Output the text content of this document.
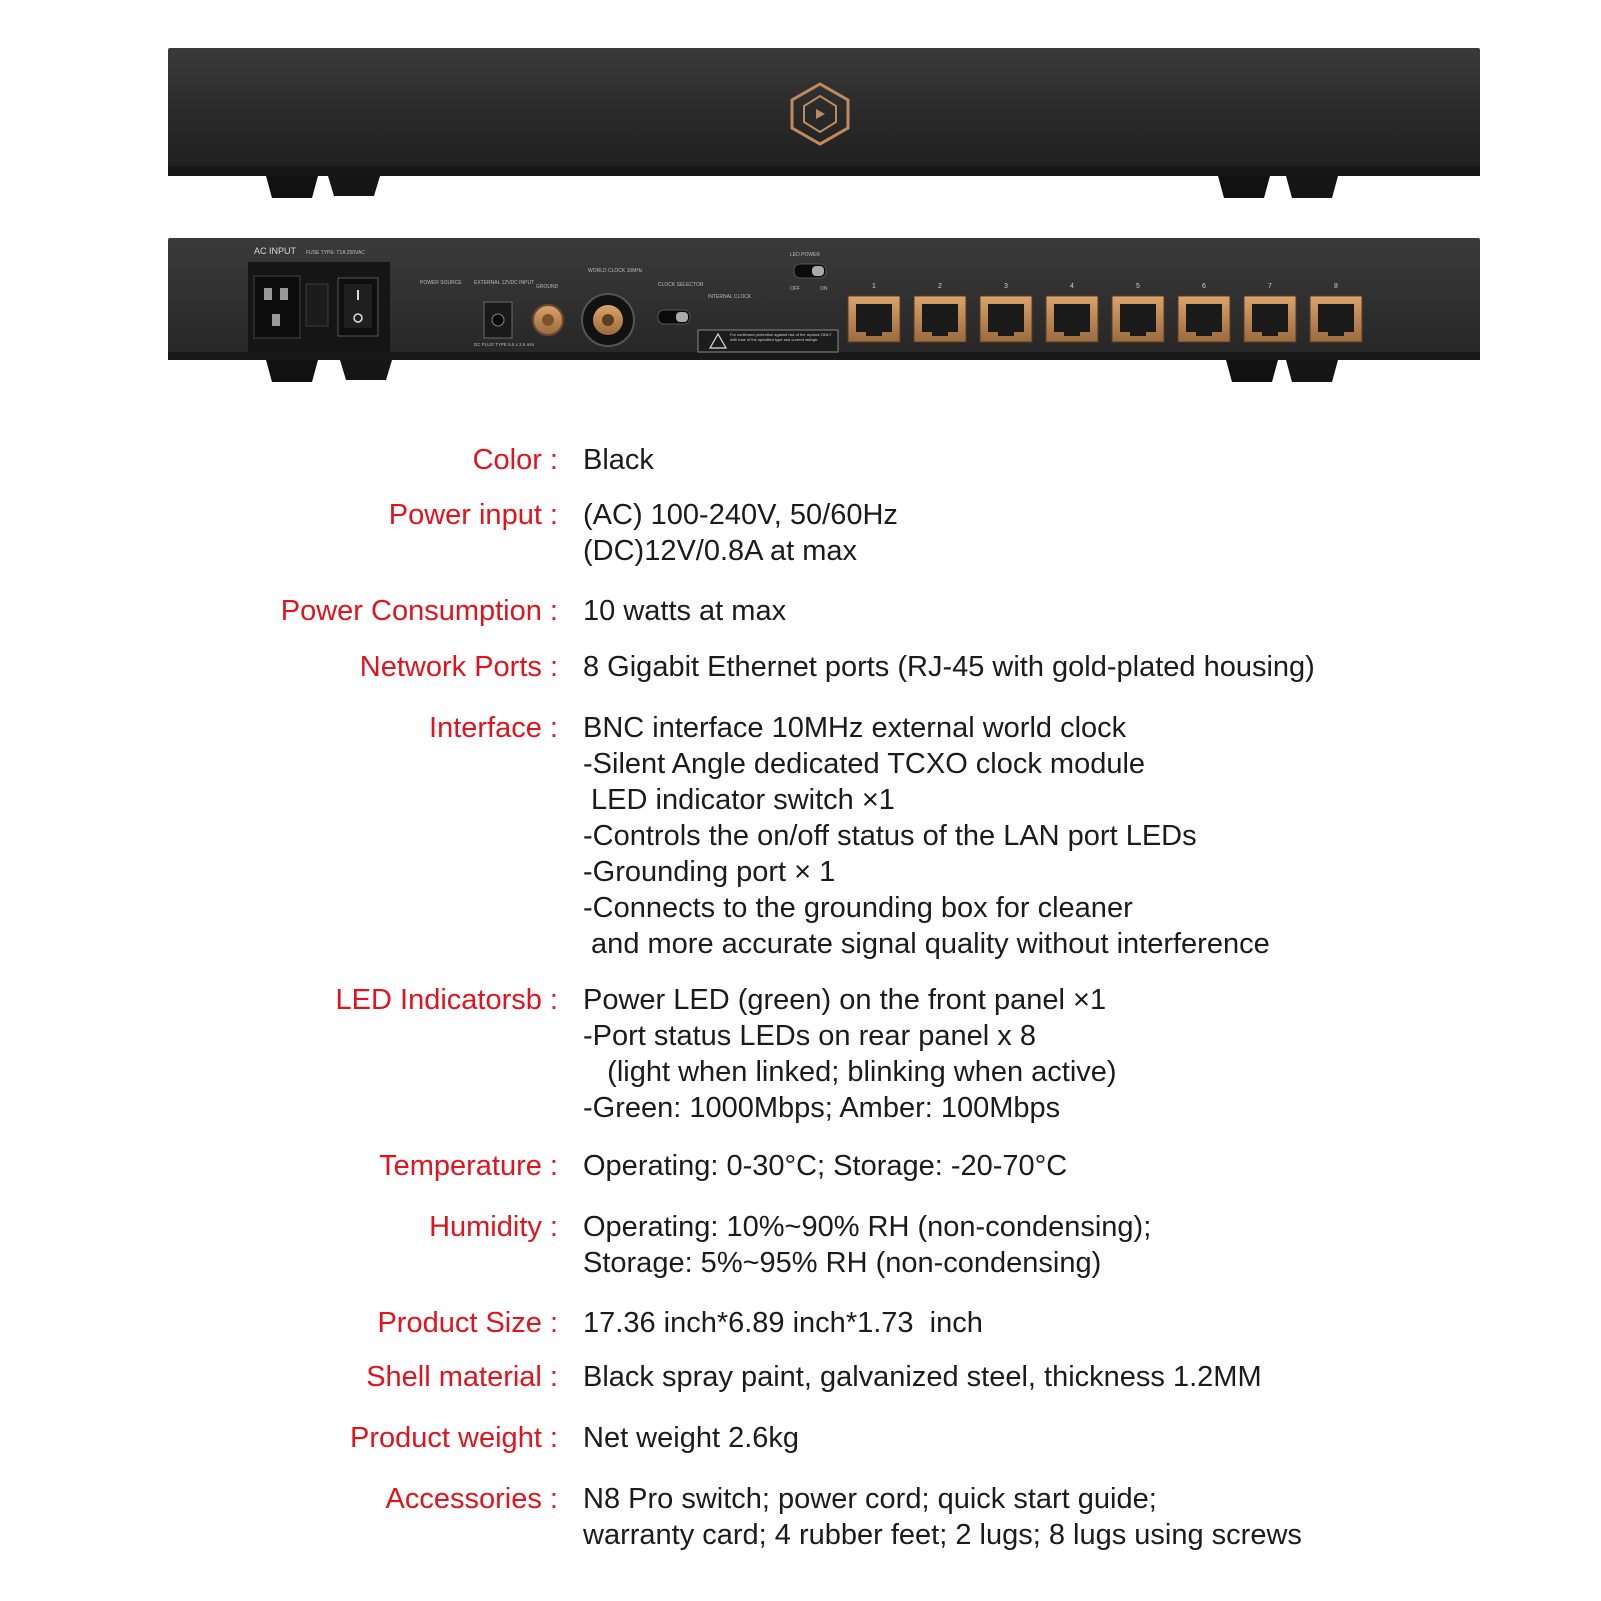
AC INPUT FUSE TYPE: T1A 250VAC
POWER SOURCE EXTERNAL 12VDC INPUT
DC PLUG TYPE 5.5 x 2.5 mm
GROUND
WORLD CLOCK 10MHz
CLOCK SELECTOR
INTERNAL CLOCK
LED POWER
OFF	ON
For continued protection against risk of fire replace ONLY with fuse of the specified type and current ratings.
1	2	3	4	5	6	7	8
Color : Black
Power input : (AC) 100-240V, 50/60Hz
(DC)12V/0.8A at max
Power Consumption : 10 watts at max
Network Ports : 8 Gigabit Ethernet ports (RJ-45 with gold-plated housing)
Interface : BNC interface 10MHz external world clock
-Silent Angle dedicated TCXO clock module
LED indicator switch ×1
-Controls the on/off status of the LAN port LEDs
-Grounding port × 1
-Connects to the grounding box for cleaner
and more accurate signal quality without interference
LED Indicatorsb : Power LED (green) on the front panel ×1
-Port status LEDs on rear panel x 8
(light when linked; blinking when active)
-Green: 1000Mbps; Amber: 100Mbps
Temperature : Operating: 0-30°C; Storage: -20-70°C
Humidity : Operating: 10%~90% RH (non-condensing);
Storage: 5%~95% RH (non-condensing)
Product Size : 17.36 inch*6.89 inch*1.73  inch
Shell material : Black spray paint, galvanized steel, thickness 1.2MM
Product weight : Net weight 2.6kg
Accessories : N8 Pro switch; power cord; quick start guide;
warranty card; 4 rubber feet; 2 lugs; 8 lugs using screws
